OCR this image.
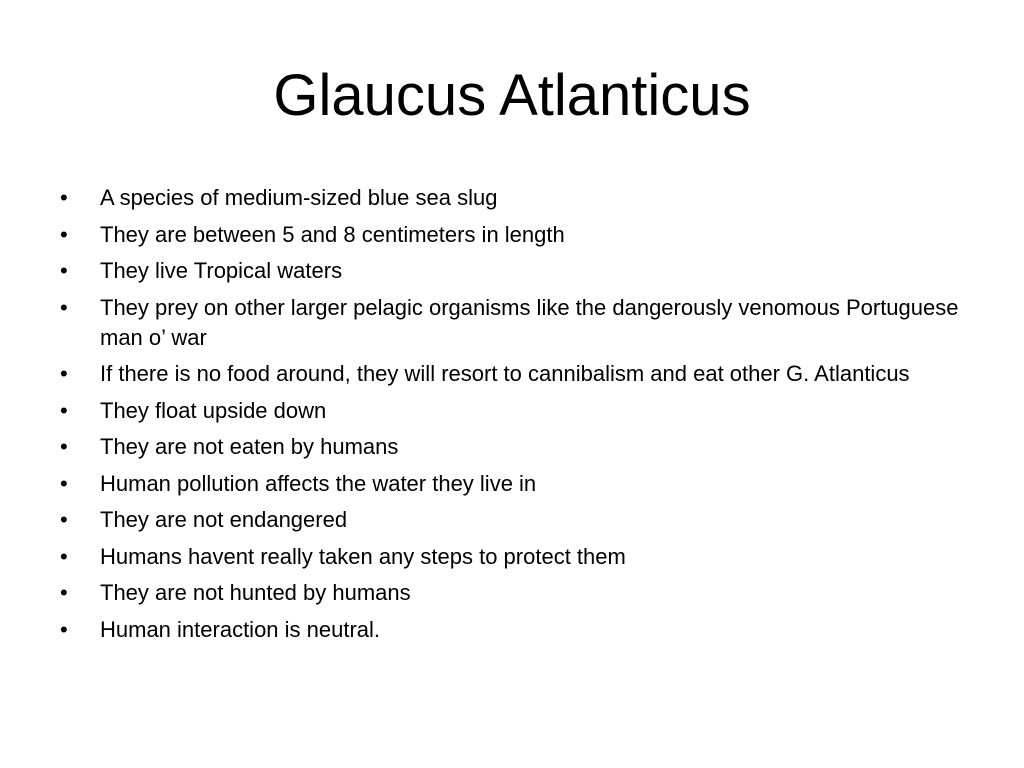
Glaucus Atlanticus
• A species of medium-sized blue sea slug
• They are between 5 and 8 centimeters in length
• They live Tropical waters
• They prey on other larger pelagic organisms like the dangerously venomous Portuguese man o’ war
• If there is no food around, they will resort to cannibalism and eat other G. Atlanticus
• They float upside down
• They are not eaten by humans
• Human pollution affects the water they live in
• They are not endangered
• Humans havent really taken any steps to protect them
• They are not hunted by humans
• Human interaction is neutral.
